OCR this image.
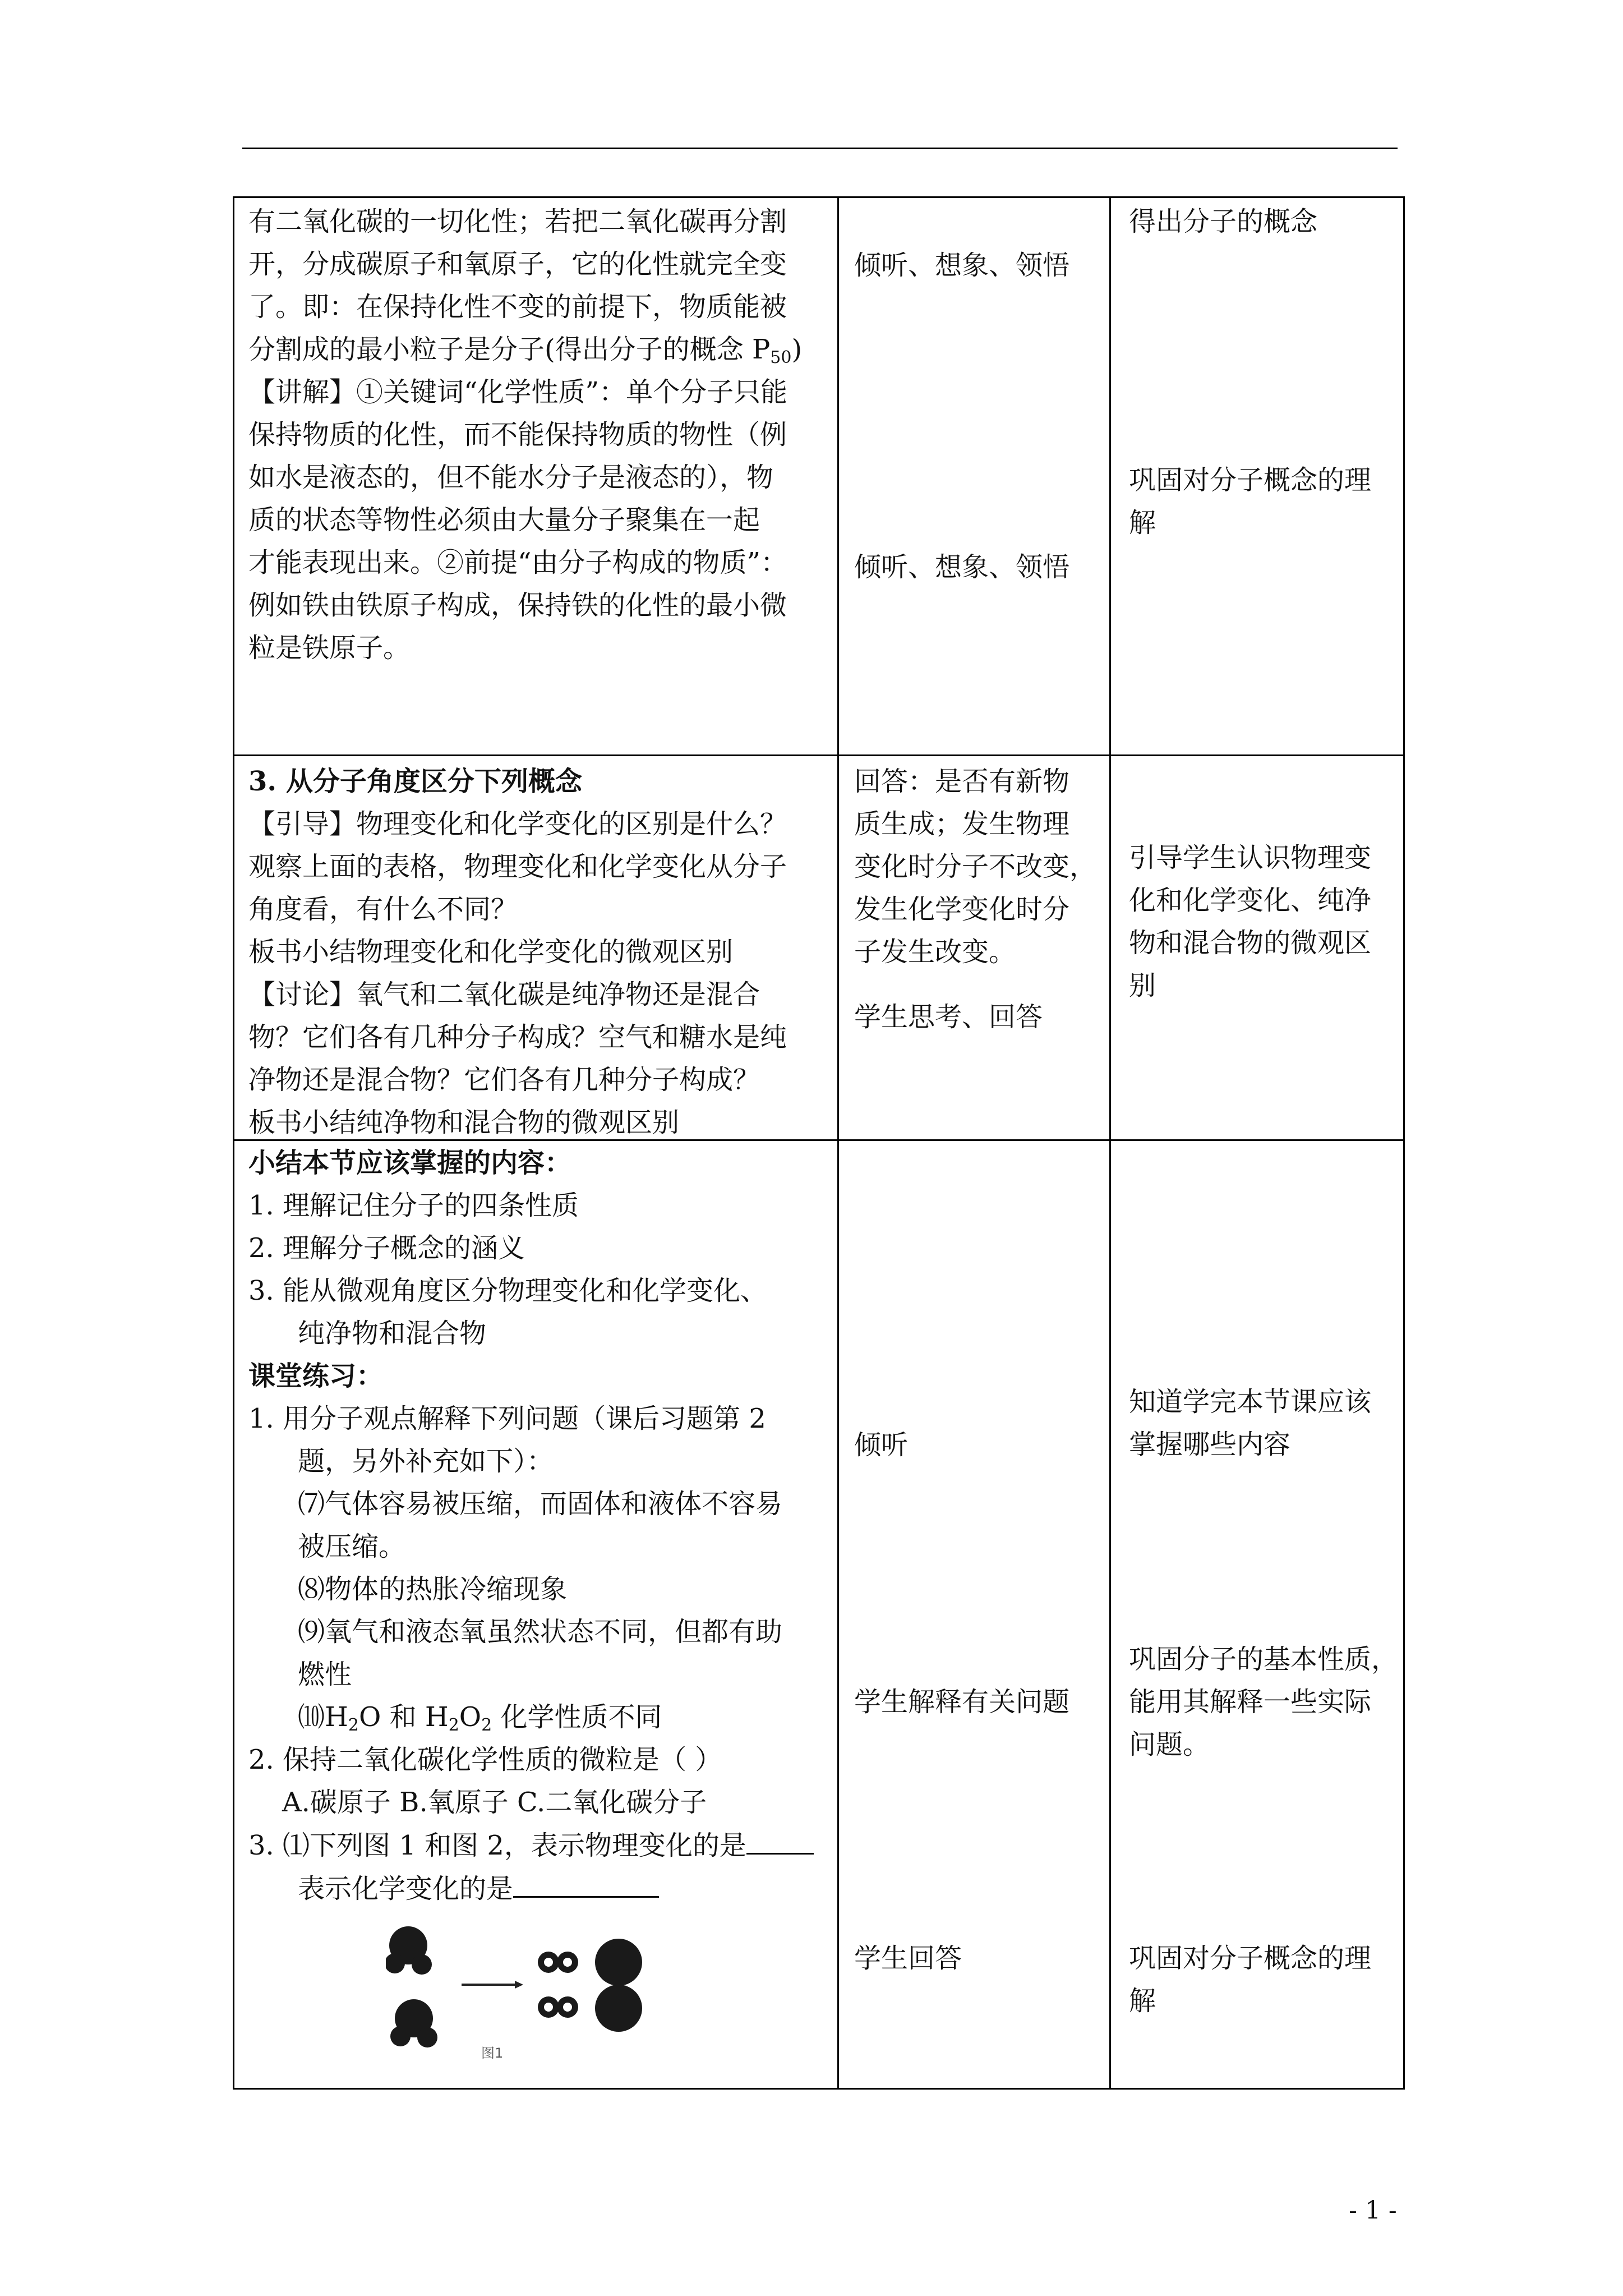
有二氧化碳的一切化性；若把二氧化碳再分割

开，分成碳原子和氧原子，它的化性就完全变

了。即：在保持化性不变的前提下，物质能被

分割成的最小粒子是分子(得出分子的概念 $P_{50}$)

【讲解】①关键词“化学性质”：单个分子只能

保持物质的化性，而不能保持物质的物性（例

如水是液态的，但不能水分子是液态的），物

质的状态等物性必须由大量分子聚集在一起

才能表现出来。②前提“由分子构成的物质”：

例如铁由铁原子构成，保持铁的化性的最小微

粒是铁原子。

倾听、想象、领悟

倾听、想象、领悟

得出分子的概念

巩固对分子概念的理

解

3. 从分子角度区分下列概念

【引导】物理变化和化学变化的区别是什么？

观察上面的表格，物理变化和化学变化从分子

角度看，有什么不同？

板书小结物理变化和化学变化的微观区别

【讨论】氧气和二氧化碳是纯净物还是混合

物？它们各有几种分子构成？空气和糖水是纯

净物还是混合物？它们各有几种分子构成？

板书小结纯净物和混合物的微观区别

回答：是否有新物

质生成；发生物理

变化时分子不改变，

发生化学变化时分

子发生改变。

学生思考、回答

引导学生认识物理变

化和化学变化、纯净

物和混合物的微观区

别

小结本节应该掌握的内容：

1. 理解记住分子的四条性质

2. 理解分子概念的涵义

3. 能从微观角度区分物理变化和化学变化、

纯净物和混合物

课堂练习：

1. 用分子观点解释下列问题（课后习题第 2

题，另外补充如下）：

⑺气体容易被压缩，而固体和液体不容易

被压缩。

⑻物体的热胀冷缩现象

⑼氧气和液态氧虽然状态不同，但都有助

燃性

$⑽H_2O$ 和 $H_2O_2$ 化学性质不同

2. 保持二氧化碳化学性质的微粒是（ ）

A.碳原子 B.氧原子 C.二氧化碳分子

3. ⑴下列图 1 和图 2，表示物理变化的是

表示化学变化的是

倾听

学生解释有关问题

学生回答

知道学完本节课应该

掌握哪些内容

巩固分子的基本性质，

能用其解释一些实际

问题。

巩固对分子概念的理

解

图1
- 1 -
